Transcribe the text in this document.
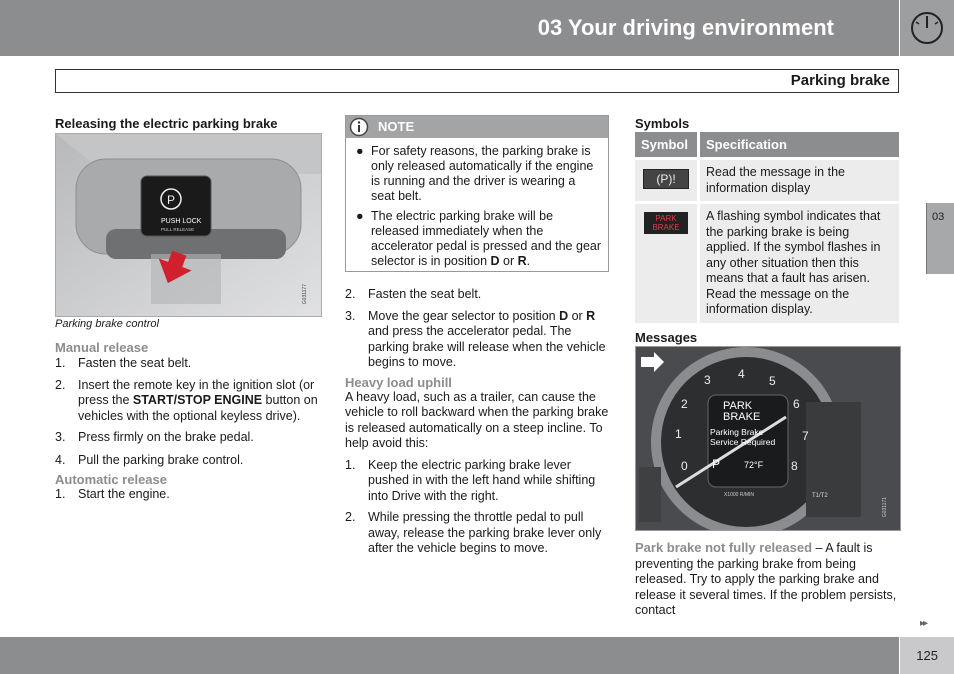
03 Your driving environment
Parking brake
03
Releasing the electric parking brake
P
PUSH LOCK
PULL RELEASE
G031177
Parking brake control
Manual release
1. Fasten the seat belt.
2. Insert the remote key in the ignition slot (or press the START/STOP ENGINE button on vehicles with the optional keyless drive).
3. Press firmly on the brake pedal.
4. Pull the parking brake control.
Automatic release
1. Start the engine.
NOTE
● For safety reasons, the parking brake is only released automatically if the engine is running and the driver is wearing a seat belt.
● The electric parking brake will be released immediately when the accelerator pedal is pressed and the gear selector is in position D or R.
2. Fasten the seat belt.
3. Move the gear selector to position D or R and press the accelerator pedal. The parking brake will release when the vehicle begins to move.
Heavy load uphill

A heavy load, such as a trailer, can cause the vehicle to roll backward when the parking brake is released automatically on a steep incline. To help avoid this:

1. Keep the electric parking brake lever pushed in with the left hand while shifting into Drive with the right.
2. While pressing the throttle pedal to pull away, release the parking brake lever only after the vehicle begins to move.
Symbols
Symbol	Specification

(P)!	Read the message in the information display

PARK
BRAKE	A flashing symbol indicates that the parking brake is being applied. If the symbol flashes in any other situation then this means that a fault has arisen. Read the message on the information display.
Messages
3 4 5
2	6
1	7
8
0
PARK
BRAKE
Parking Brake
Service Required
P	72°F
X1000 R/MIN	T1/T2
G031171

Park brake not fully released – A fault is preventing the parking brake from being released. Try to apply the parking brake and release it several times. If the problem persists, contact

▸▸
125
